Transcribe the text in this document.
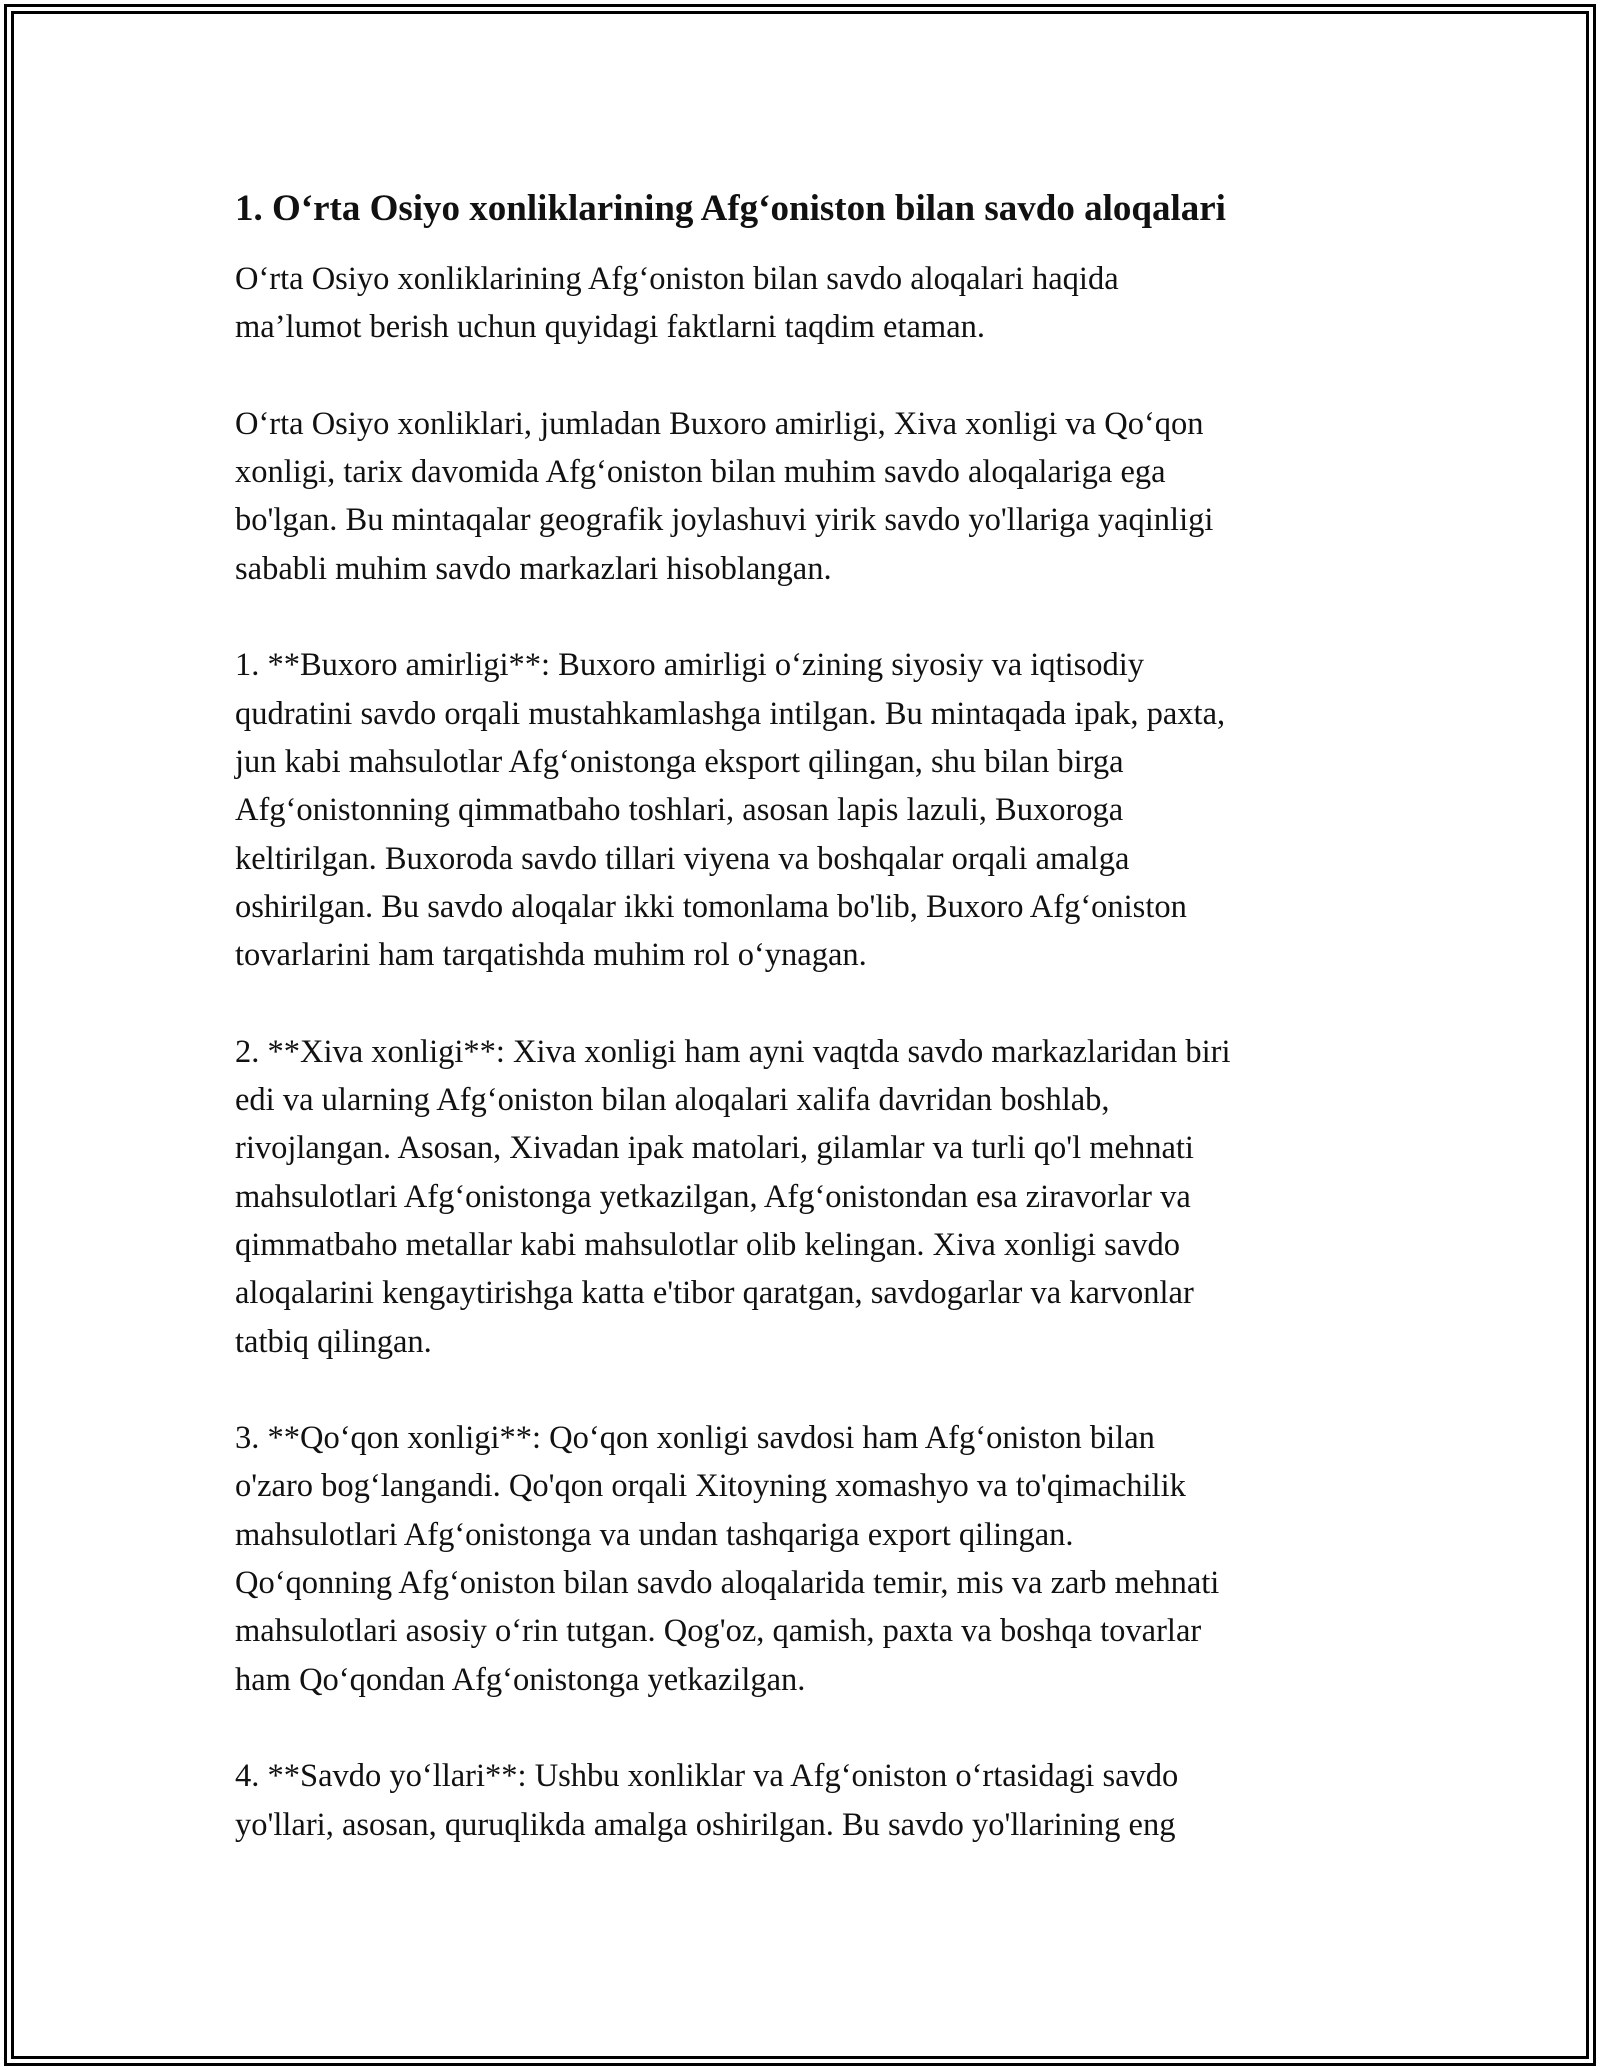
1. O‘rta Osiyo xonliklarining Afg‘oniston bilan savdo aloqalari
O‘rta Osiyo xonliklarining Afg‘oniston bilan savdo aloqalari haqida
ma’lumot berish uchun quyidagi faktlarni taqdim etaman.
O‘rta Osiyo xonliklari, jumladan Buxoro amirligi, Xiva xonligi va Qo‘qon
xonligi, tarix davomida Afg‘oniston bilan muhim savdo aloqalariga ega
bo'lgan. Bu mintaqalar geografik joylashuvi yirik savdo yo'llariga yaqinligi
sababli muhim savdo markazlari hisoblangan.
1. **Buxoro amirligi**: Buxoro amirligi o‘zining siyosiy va iqtisodiy
qudratini savdo orqali mustahkamlashga intilgan. Bu mintaqada ipak, paxta,
jun kabi mahsulotlar Afg‘onistonga eksport qilingan, shu bilan birga
Afg‘onistonning qimmatbaho toshlari, asosan lapis lazuli, Buxoroga
keltirilgan. Buxoroda savdo tillari viyena va boshqalar orqali amalga
oshirilgan. Bu savdo aloqalar ikki tomonlama bo'lib, Buxoro Afg‘oniston
tovarlarini ham tarqatishda muhim rol o‘ynagan.
2. **Xiva xonligi**: Xiva xonligi ham ayni vaqtda savdo markazlaridan biri
edi va ularning Afg‘oniston bilan aloqalari xalifa davridan boshlab,
rivojlangan. Asosan, Xivadan ipak matolari, gilamlar va turli qo'l mehnati
mahsulotlari Afg‘onistonga yetkazilgan, Afg‘onistondan esa ziravorlar va
qimmatbaho metallar kabi mahsulotlar olib kelingan. Xiva xonligi savdo
aloqalarini kengaytirishga katta e'tibor qaratgan, savdogarlar va karvonlar
tatbiq qilingan.
3. **Qo‘qon xonligi**: Qo‘qon xonligi savdosi ham Afg‘oniston bilan
o'zaro bog‘langandi. Qo'qon orqali Xitoyning xomashyo va to'qimachilik
mahsulotlari Afg‘onistonga va undan tashqariga export qilingan.
Qo‘qonning Afg‘oniston bilan savdo aloqalarida temir, mis va zarb mehnati
mahsulotlari asosiy o‘rin tutgan. Qog'oz, qamish, paxta va boshqa tovarlar
ham Qo‘qondan Afg‘onistonga yetkazilgan.
4. **Savdo yo‘llari**: Ushbu xonliklar va Afg‘oniston o‘rtasidagi savdo
yo'llari, asosan, quruqlikda amalga oshirilgan. Bu savdo yo'llarining eng
